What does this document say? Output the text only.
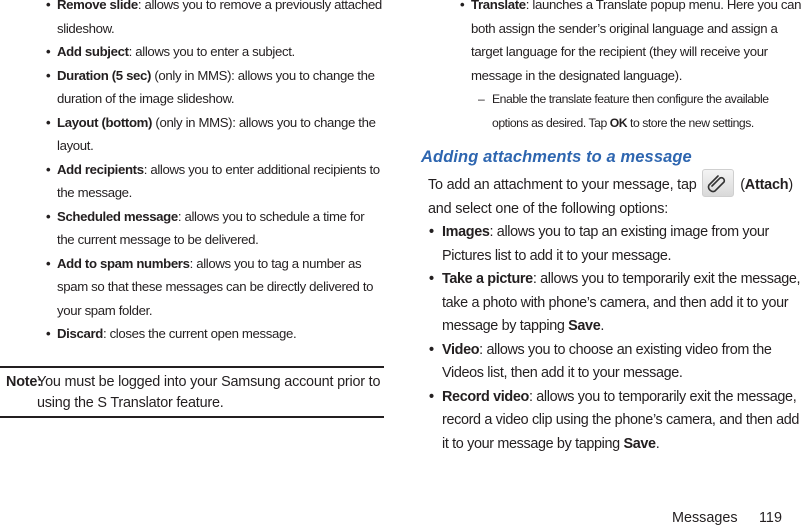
• Remove slide: allows you to remove a previously attached slideshow.
• Add subject: allows you to enter a subject.
• Duration (5 sec) (only in MMS): allows you to change the duration of the image slideshow.
• Layout (bottom) (only in MMS): allows you to change the layout.
• Add recipients: allows you to enter additional recipients to the message.
• Scheduled message: allows you to schedule a time for the current message to be delivered.
• Add to spam numbers: allows you to tag a number as spam so that these messages can be directly delivered to your spam folder.
• Discard: closes the current open message.
Note:
You must be logged into your Samsung account prior to using the S Translator feature.
• Translate: launches a Translate popup menu. Here you can both assign the sender’s original language and assign a target language for the recipient (they will receive your message in the designated language).
– Enable the translate feature then configure the available options as desired. Tap OK to store the new settings.
Adding attachments to a message
To add an attachment to your message, tap	(Attach) and select one of the following options:
• Images: allows you to tap an existing image from your Pictures list to add it to your message.
• Take a picture: allows you to temporarily exit the message, take a photo with phone’s camera, and then add it to your message by tapping Save.
• Video: allows you to choose an existing video from the Videos list, then add it to your message.
• Record video: allows you to temporarily exit the message, record a video clip using the phone’s camera, and then add it to your message by tapping Save.
Messages 119
